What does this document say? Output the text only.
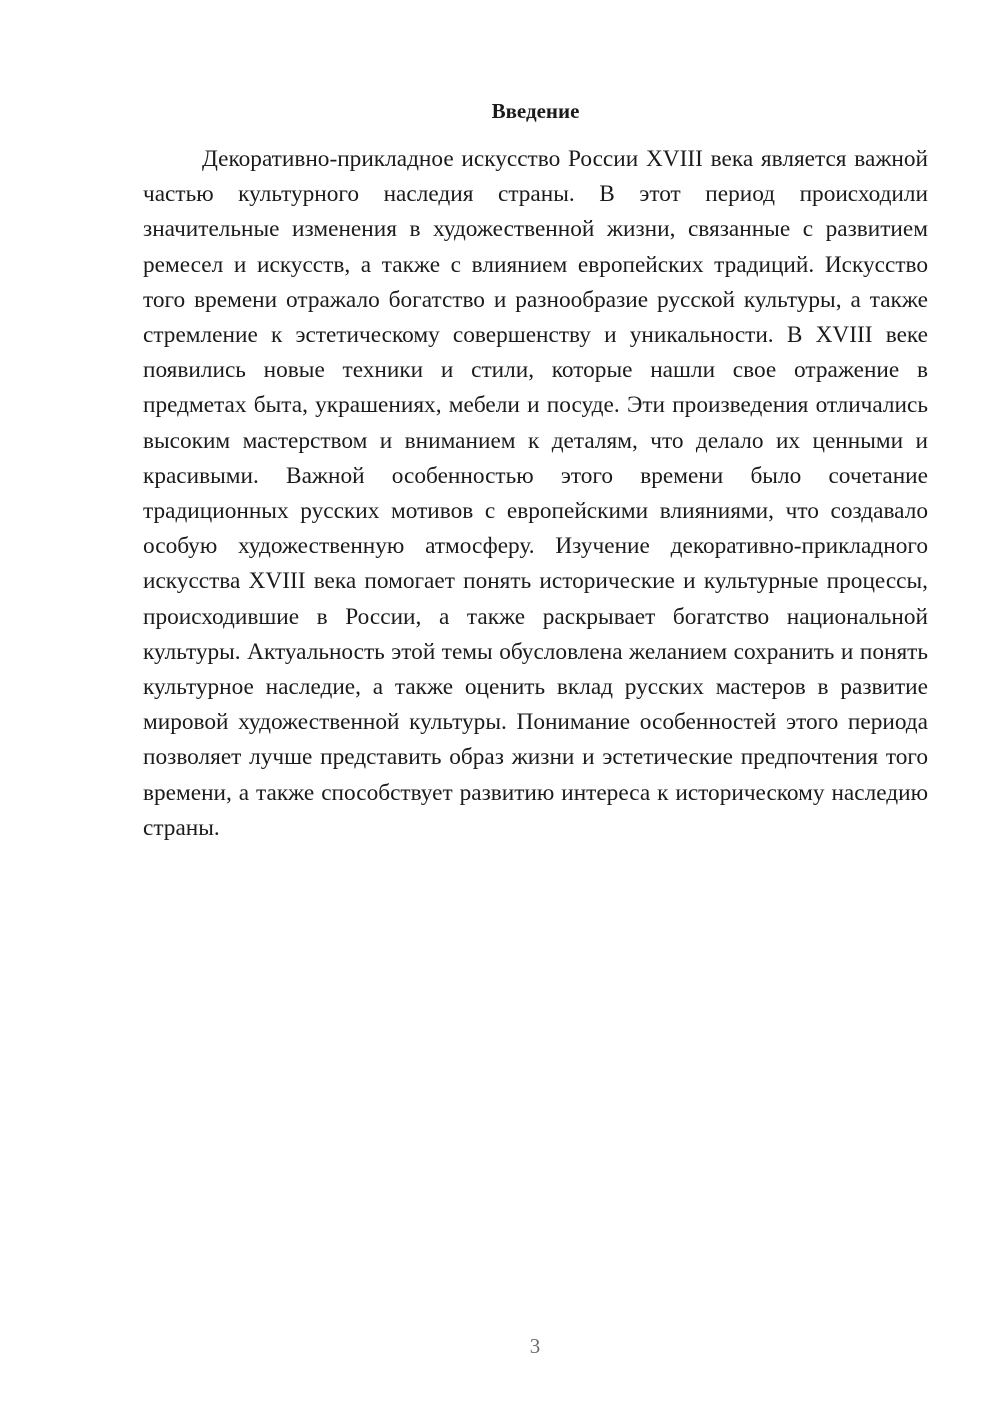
Введение

Декоративно-прикладное искусство России XVIII века является важной частью культурного наследия страны. В этот период происходили значительные изменения в художественной жизни, связанные с развитием ремесел и искусств, а также с влиянием европейских традиций. Искусство того времени отражало богатство и разнообразие русской культуры, а также стремление к эстетическому совершенству и уникальности. В XVIII веке появились новые техники и стили, которые нашли свое отражение в предметах быта, украшениях, мебели и посуде. Эти произведения отличались высоким мастерством и вниманием к деталям, что делало их ценными и красивыми. Важной особенностью этого времени было сочетание традиционных русских мотивов с европейскими влияниями, что создавало особую художественную атмосферу. Изучение декоративно-прикладного искусства XVIII века помогает понять исторические и культурные процессы, происходившие в России, а также раскрывает богатство национальной культуры. Актуальность этой темы обусловлена желанием сохранить и понять культурное наследие, а также оценить вклад русских мастеров в развитие мировой художественной культуры. Понимание особенностей этого периода позволяет лучше представить образ жизни и эстетические предпочтения того времени, а также способствует развитию интереса к историческому наследию страны.

3
